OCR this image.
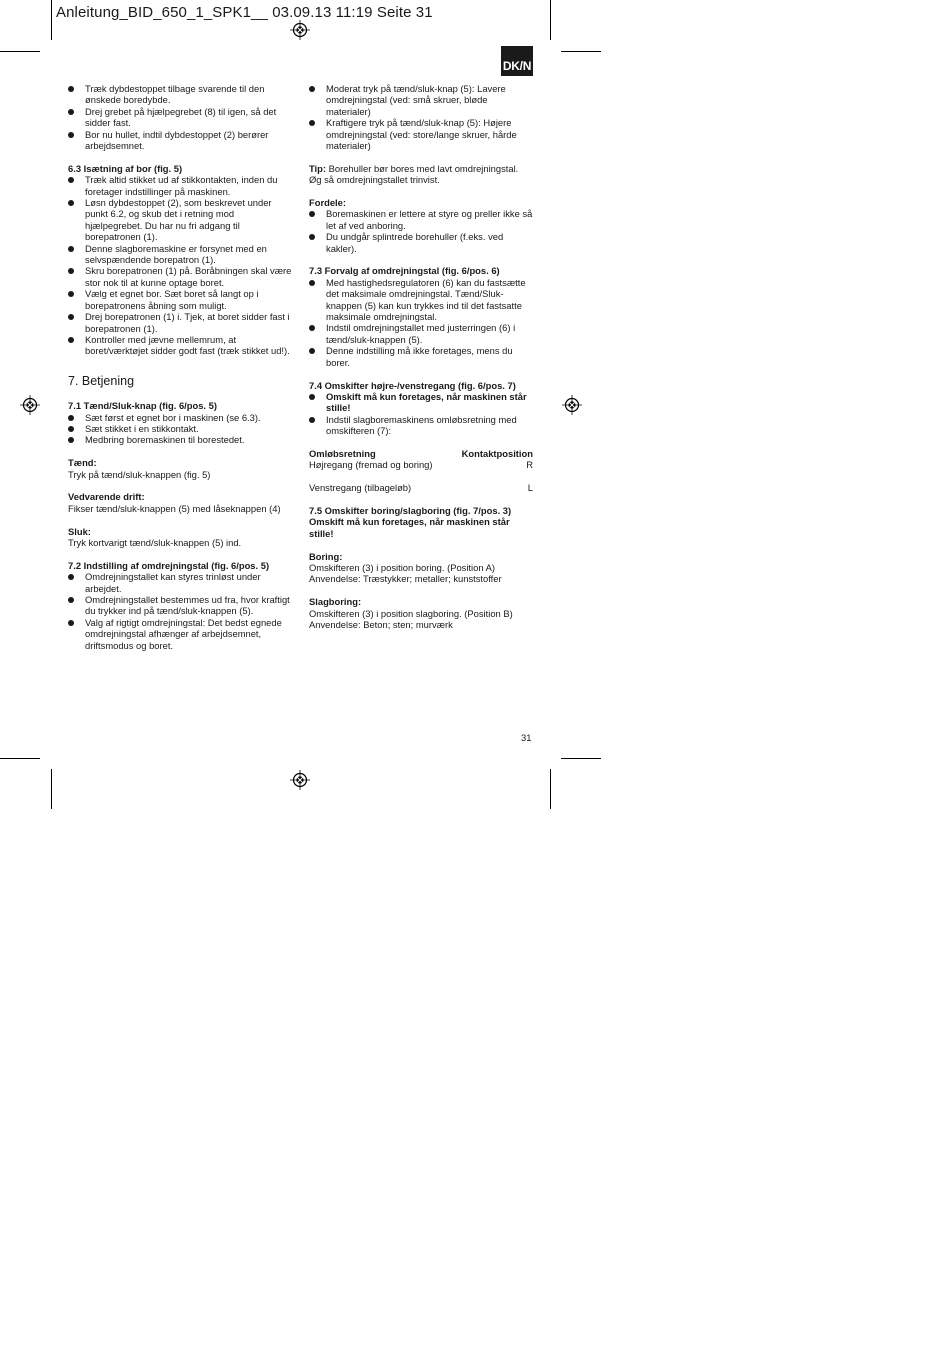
Anleitung_BID_650_1_SPK1__ 03.09.13 11:19 Seite 31
DK/N
Træk dybdestoppet tilbage svarende til den ønskede boredybde.
Drej grebet på hjælpegrebet (8) til igen, så det sidder fast.
Bor nu hullet, indtil dybdestoppet (2) berører arbejdsemnet.
6.3 Isætning af bor (fig. 5)
Træk altid stikket ud af stikkontakten, inden du foretager indstillinger på maskinen.
Løsn dybdestoppet (2), som beskrevet under punkt 6.2, og skub det i retning mod hjælpegrebet. Du har nu fri adgang til borepatronen (1).
Denne slagboremaskine er forsynet med en selvspændende borepatron (1).
Skru borepatronen (1) på. Boråbningen skal være stor nok til at kunne optage boret.
Vælg et egnet bor. Sæt boret så langt op i borepatronens åbning som muligt.
Drej borepatronen (1) i. Tjek, at boret sidder fast i borepatronen (1).
Kontroller med jævne mellemrum, at boret/værktøjet sidder godt fast (træk stikket ud!).
7. Betjening
7.1 Tænd/Sluk-knap (fig. 6/pos. 5)
Sæt først et egnet bor i maskinen (se 6.3).
Sæt stikket i en stikkontakt.
Medbring boremaskinen til borestedet.
Tænd:
Tryk på tænd/sluk-knappen (fig. 5)
Vedvarende drift:
Fikser tænd/sluk-knappen (5) med låseknappen (4)
Sluk:
Tryk kortvarigt tænd/sluk-knappen (5) ind.
7.2 Indstilling af omdrejningstal (fig. 6/pos. 5)
Omdrejningstallet kan styres trinløst under arbejdet.
Omdrejningstallet bestemmes ud fra, hvor kraftigt du trykker ind på tænd/sluk-knappen (5).
Valg af rigtigt omdrejningstal: Det bedst egnede omdrejningstal afhænger af arbejdsemnet, driftsmodus og boret.
Moderat tryk på tænd/sluk-knap (5): Lavere omdrejningstal (ved: små skruer, bløde materialer)
Kraftigere tryk på tænd/sluk-knap (5): Højere omdrejningstal (ved: store/lange skruer, hårde materialer)
Tip: Borehuller bør bores med lavt omdrejningstal. Øg så omdrejningstallet trinvist.
Fordele:
Boremaskinen er lettere at styre og preller ikke så let af ved anboring.
Du undgår splintrede borehuller (f.eks. ved kakler).
7.3 Forvalg af omdrejningstal (fig. 6/pos. 6)
Med hastighedsregulatoren (6) kan du fastsætte det maksimale omdrejningstal. Tænd/Sluk-knappen (5) kan kun trykkes ind til det fastsatte maksimale omdrejningstal.
Indstil omdrejningstallet med justerringen (6) i tænd/sluk-knappen (5).
Denne indstilling må ikke foretages, mens du borer.
7.4 Omskifter højre-/venstregang (fig. 6/pos. 7)
Omskift må kun foretages, når maskinen står stille!
Indstil slagboremaskinens omløbsretning med omskifteren (7):
Omløbsretning	Kontaktposition
Højregang (fremad og boring)	R
Venstregang (tilbageløb)	L
7.5 Omskifter boring/slagboring (fig. 7/pos. 3)
Omskift må kun foretages, når maskinen står stille!
Boring:
Omskifteren (3) i position boring. (Position A)
Anvendelse: Træstykker; metaller; kunststoffer
Slagboring:
Omskifteren (3) i position slagboring. (Position B)
Anvendelse: Beton; sten; murværk
31
